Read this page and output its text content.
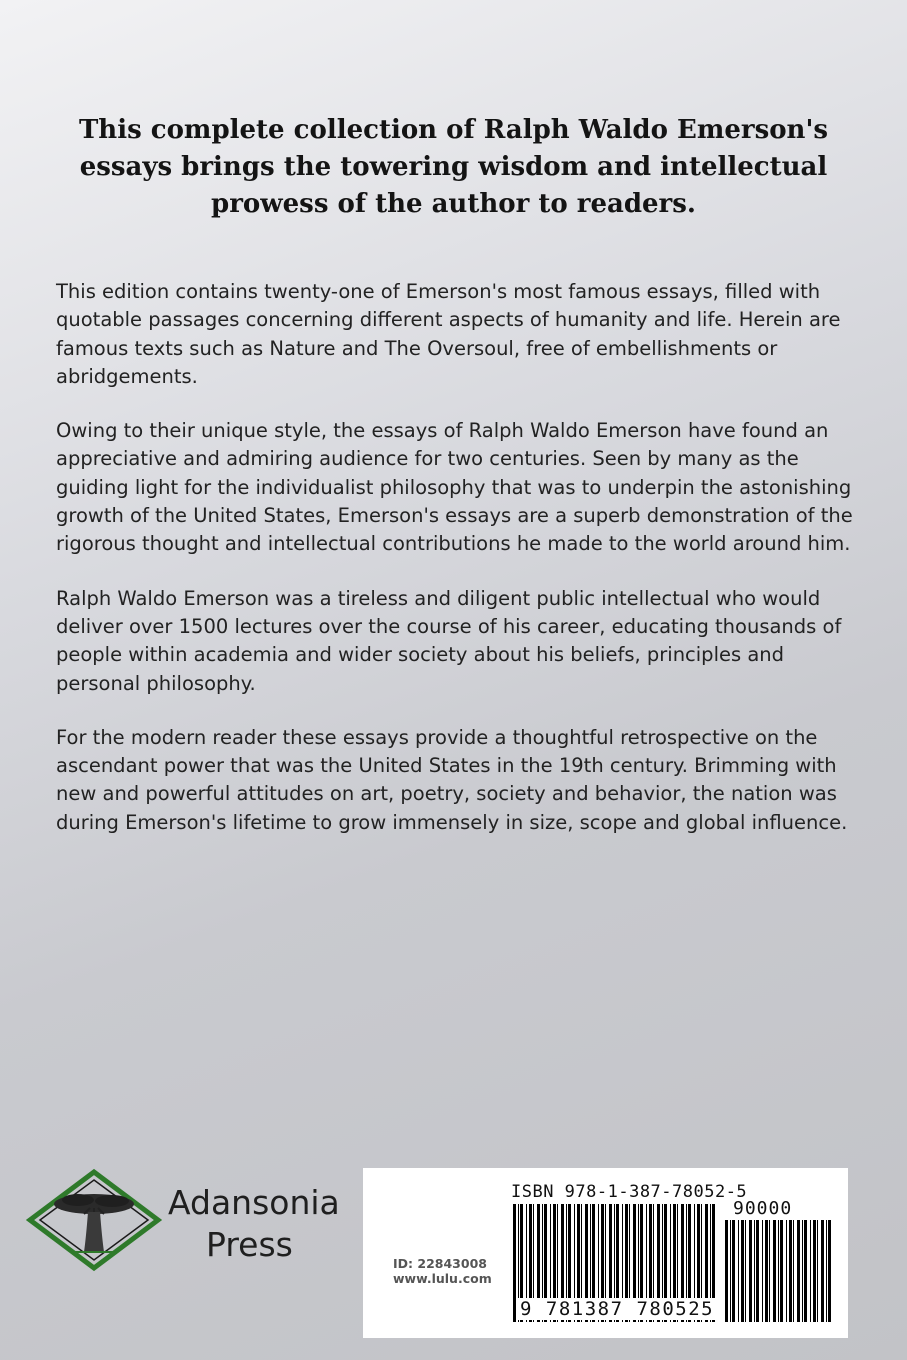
This complete collection of Ralph Waldo Emerson's essays brings the towering wisdom and intellectual prowess of the author to readers.

This edition contains twenty-one of Emerson's most famous essays, filled with quotable passages concerning different aspects of humanity and life. Herein are famous texts such as Nature and The Oversoul, free of embellishments or abridgements.

Owing to their unique style, the essays of Ralph Waldo Emerson have found an appreciative and admiring audience for two centuries. Seen by many as the guiding light for the individualist philosophy that was to underpin the astonishing growth of the United States, Emerson's essays are a superb demonstration of the rigorous thought and intellectual contributions he made to the world around him.

Ralph Waldo Emerson was a tireless and diligent public intellectual who would deliver over 1500 lectures over the course of his career, educating thousands of people within academia and wider society about his beliefs, principles and personal philosophy.

For the modern reader these essays provide a thoughtful retrospective on the ascendant power that was the United States in the 19th century. Brimming with new and powerful attitudes on art, poetry, society and behavior, the nation was during Emerson's lifetime to grow immensely in size, scope and global influence.

Adansonia
Press
ISBN 978-1-387-78052-5
90000
ID: 22843008
www.lulu.com
9 781387 780525
